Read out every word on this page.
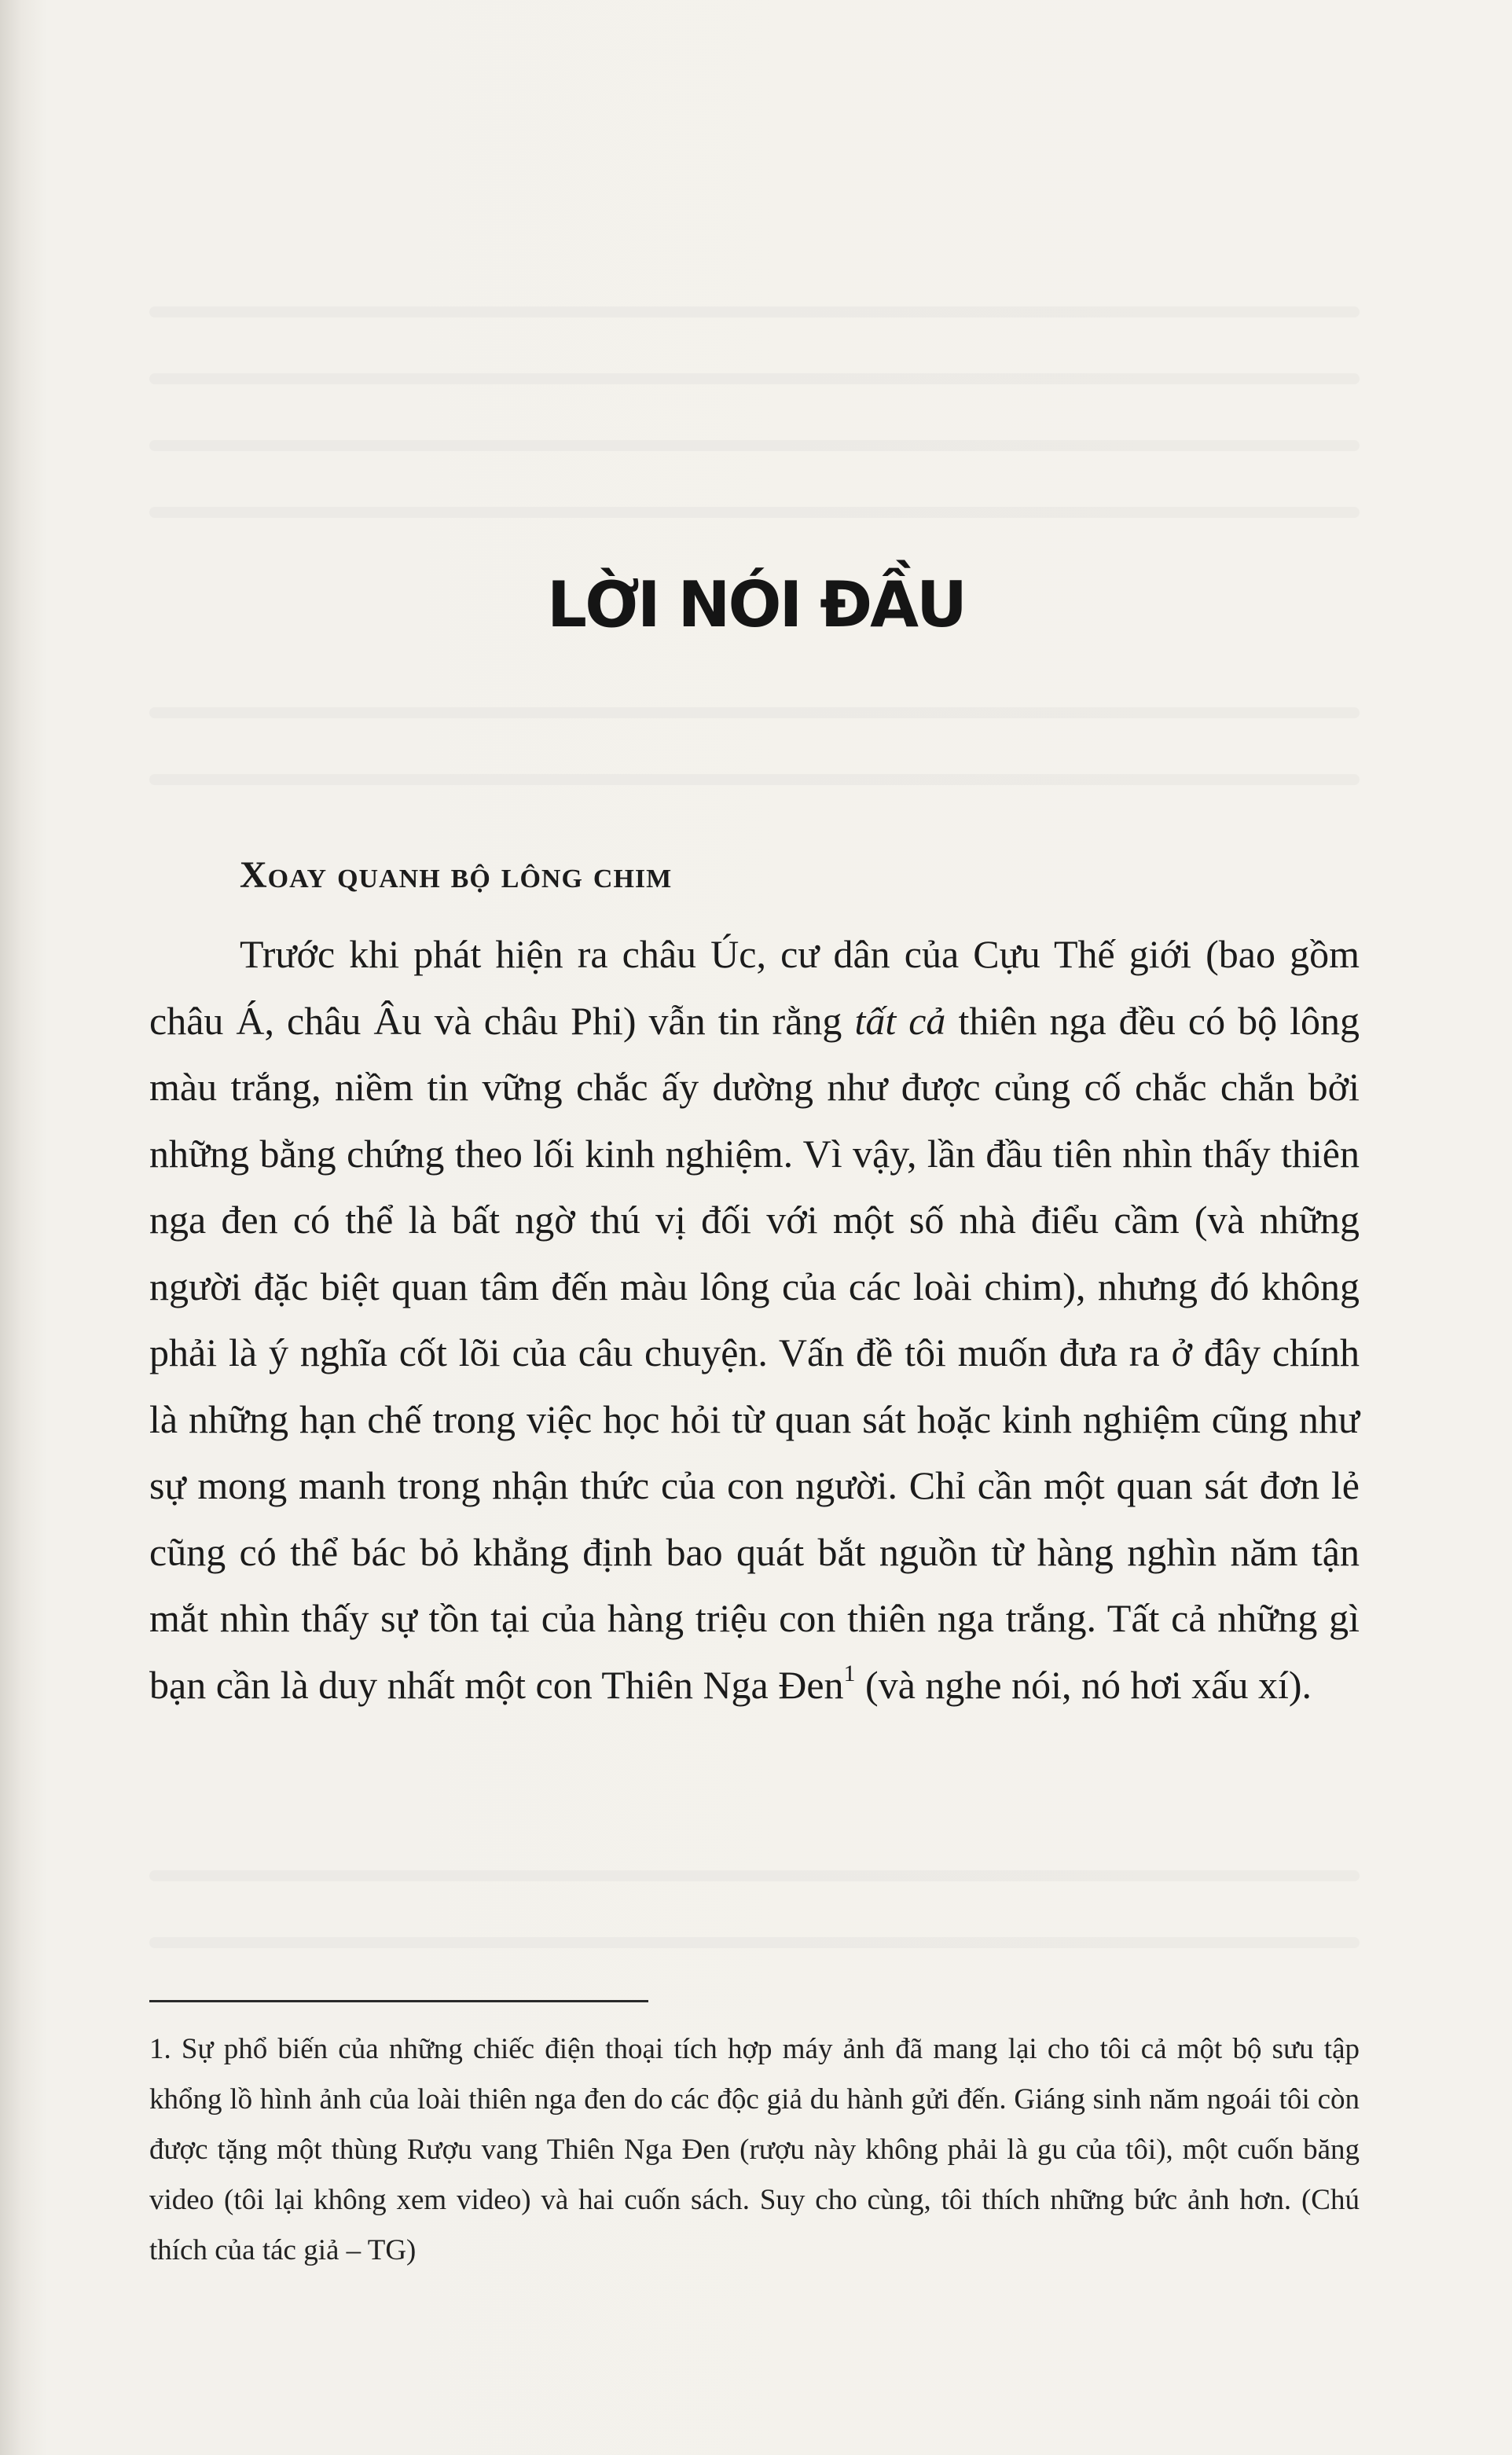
LỜI NÓI ĐẦU
Xoay quanh bộ lông chim

Trước khi phát hiện ra châu Úc, cư dân của Cựu Thế giới (bao gồm châu Á, châu Âu và châu Phi) vẫn tin rằng tất cả thiên nga đều có bộ lông màu trắng, niềm tin vững chắc ấy dường như được củng cố chắc chắn bởi những bằng chứng theo lối kinh nghiệm. Vì vậy, lần đầu tiên nhìn thấy thiên nga đen có thể là bất ngờ thú vị đối với một số nhà điểu cầm (và những người đặc biệt quan tâm đến màu lông của các loài chim), nhưng đó không phải là ý nghĩa cốt lõi của câu chuyện. Vấn đề tôi muốn đưa ra ở đây chính là những hạn chế trong việc học hỏi từ quan sát hoặc kinh nghiệm cũng như sự mong manh trong nhận thức của con người. Chỉ cần một quan sát đơn lẻ cũng có thể bác bỏ khẳng định bao quát bắt nguồn từ hàng nghìn năm tận mắt nhìn thấy sự tồn tại của hàng triệu con thiên nga trắng. Tất cả những gì bạn cần là duy nhất một con Thiên Nga Đen$^1$ (và nghe nói, nó hơi xấu xí).

1. Sự phổ biến của những chiếc điện thoại tích hợp máy ảnh đã mang lại cho tôi cả một bộ sưu tập khổng lồ hình ảnh của loài thiên nga đen do các độc giả du hành gửi đến. Giáng sinh năm ngoái tôi còn được tặng một thùng Rượu vang Thiên Nga Đen (rượu này không phải là gu của tôi), một cuốn băng video (tôi lại không xem video) và hai cuốn sách. Suy cho cùng, tôi thích những bức ảnh hơn. (Chú thích của tác giả – TG)
